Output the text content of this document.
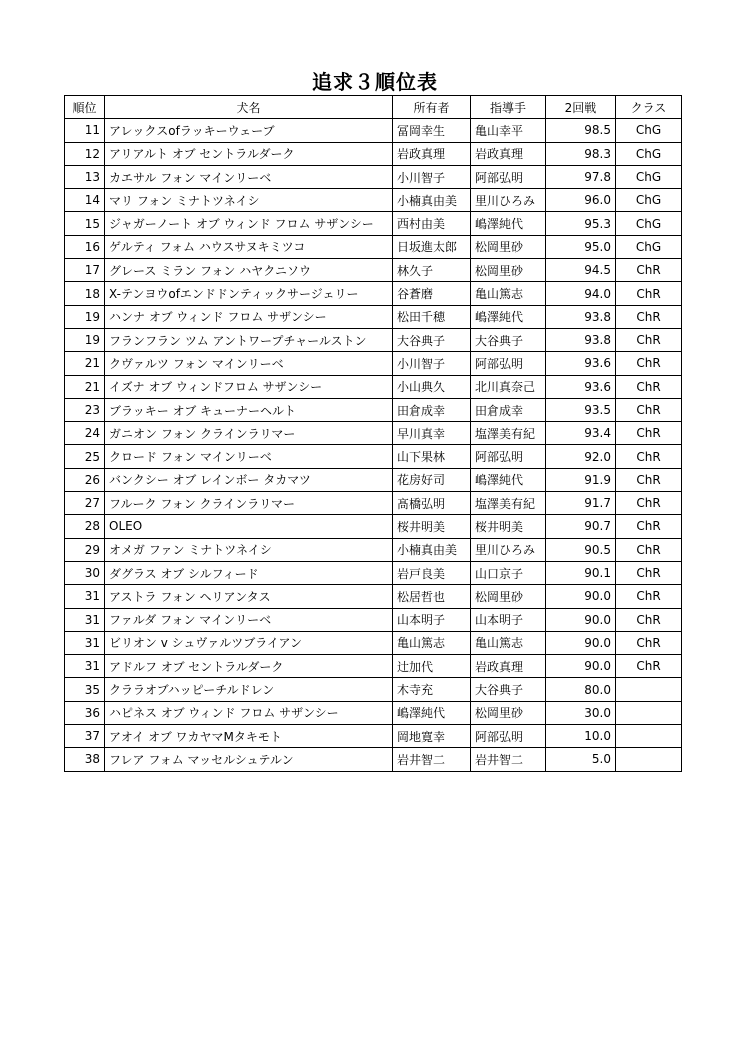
追求３順位表
順位	犬名	所有者	指導手	2回戦	クラス
11	アレックスofラッキーウェーブ	冨岡幸生	亀山幸平	98.5	ChG
12	アリアルト オブ セントラルダーク	岩政真理	岩政真理	98.3	ChG
13	カエサル フォン マインリーベ	小川智子	阿部弘明	97.8	ChG
14	マリ フォン ミナトツネイシ	小楠真由美	里川ひろみ	96.0	ChG
15	ジャガーノート オブ ウィンド フロム サザンシー	西村由美	嶋澤純代	95.3	ChG
16	ゲルティ フォム ハウスサヌキミツコ	日坂進太郎	松岡里砂	95.0	ChG
17	グレース ミラン フォン ハヤクニソウ	林久子	松岡里砂	94.5	ChR
18	X-テンヨウofエンドドンティックサージェリー	谷蒼磨	亀山篤志	94.0	ChR
19	ハンナ オブ ウィンド フロム サザンシー	松田千穂	嶋澤純代	93.8	ChR
19	フランフラン ツム アントワープチャールストン	大谷典子	大谷典子	93.8	ChR
21	クヴァルツ フォン マインリーベ	小川智子	阿部弘明	93.6	ChR
21	イズナ オブ ウィンドフロム サザンシー	小山典久	北川真奈己	93.6	ChR
23	ブラッキー オブ キューナーヘルト	田倉成幸	田倉成幸	93.5	ChR
24	ガニオン フォン クラインラリマー	早川真幸	塩澤美有紀	93.4	ChR
25	クロード フォン マインリーベ	山下果林	阿部弘明	92.0	ChR
26	バンクシー オブ レインボー タカマツ	花房好司	嶋澤純代	91.9	ChR
27	フルーク フォン クラインラリマー	髙橋弘明	塩澤美有紀	91.7	ChR
28	OLEO	桜井明美	桜井明美	90.7	ChR
29	オメガ ファン ミナトツネイシ	小楠真由美	里川ひろみ	90.5	ChR
30	ダグラス オブ シルフィード	岩戸良美	山口京子	90.1	ChR
31	アストラ フォン ヘリアンタス	松居哲也	松岡里砂	90.0	ChR
31	ファルダ フォン マインリーベ	山本明子	山本明子	90.0	ChR
31	ビリオン v シュヴァルツブライアン	亀山篤志	亀山篤志	90.0	ChR
31	アドルフ オブ セントラルダーク	辻加代	岩政真理	90.0	ChR
35	クララオブハッピーチルドレン	木寺充	大谷典子	80.0	
36	ハピネス オブ ウィンド フロム サザンシー	嶋澤純代	松岡里砂	30.0	
37	アオイ オブ ワカヤマMタキモト	岡地寛幸	阿部弘明	10.0	
38	フレア フォム マッセルシュテルン	岩井智二	岩井智二	5.0	
